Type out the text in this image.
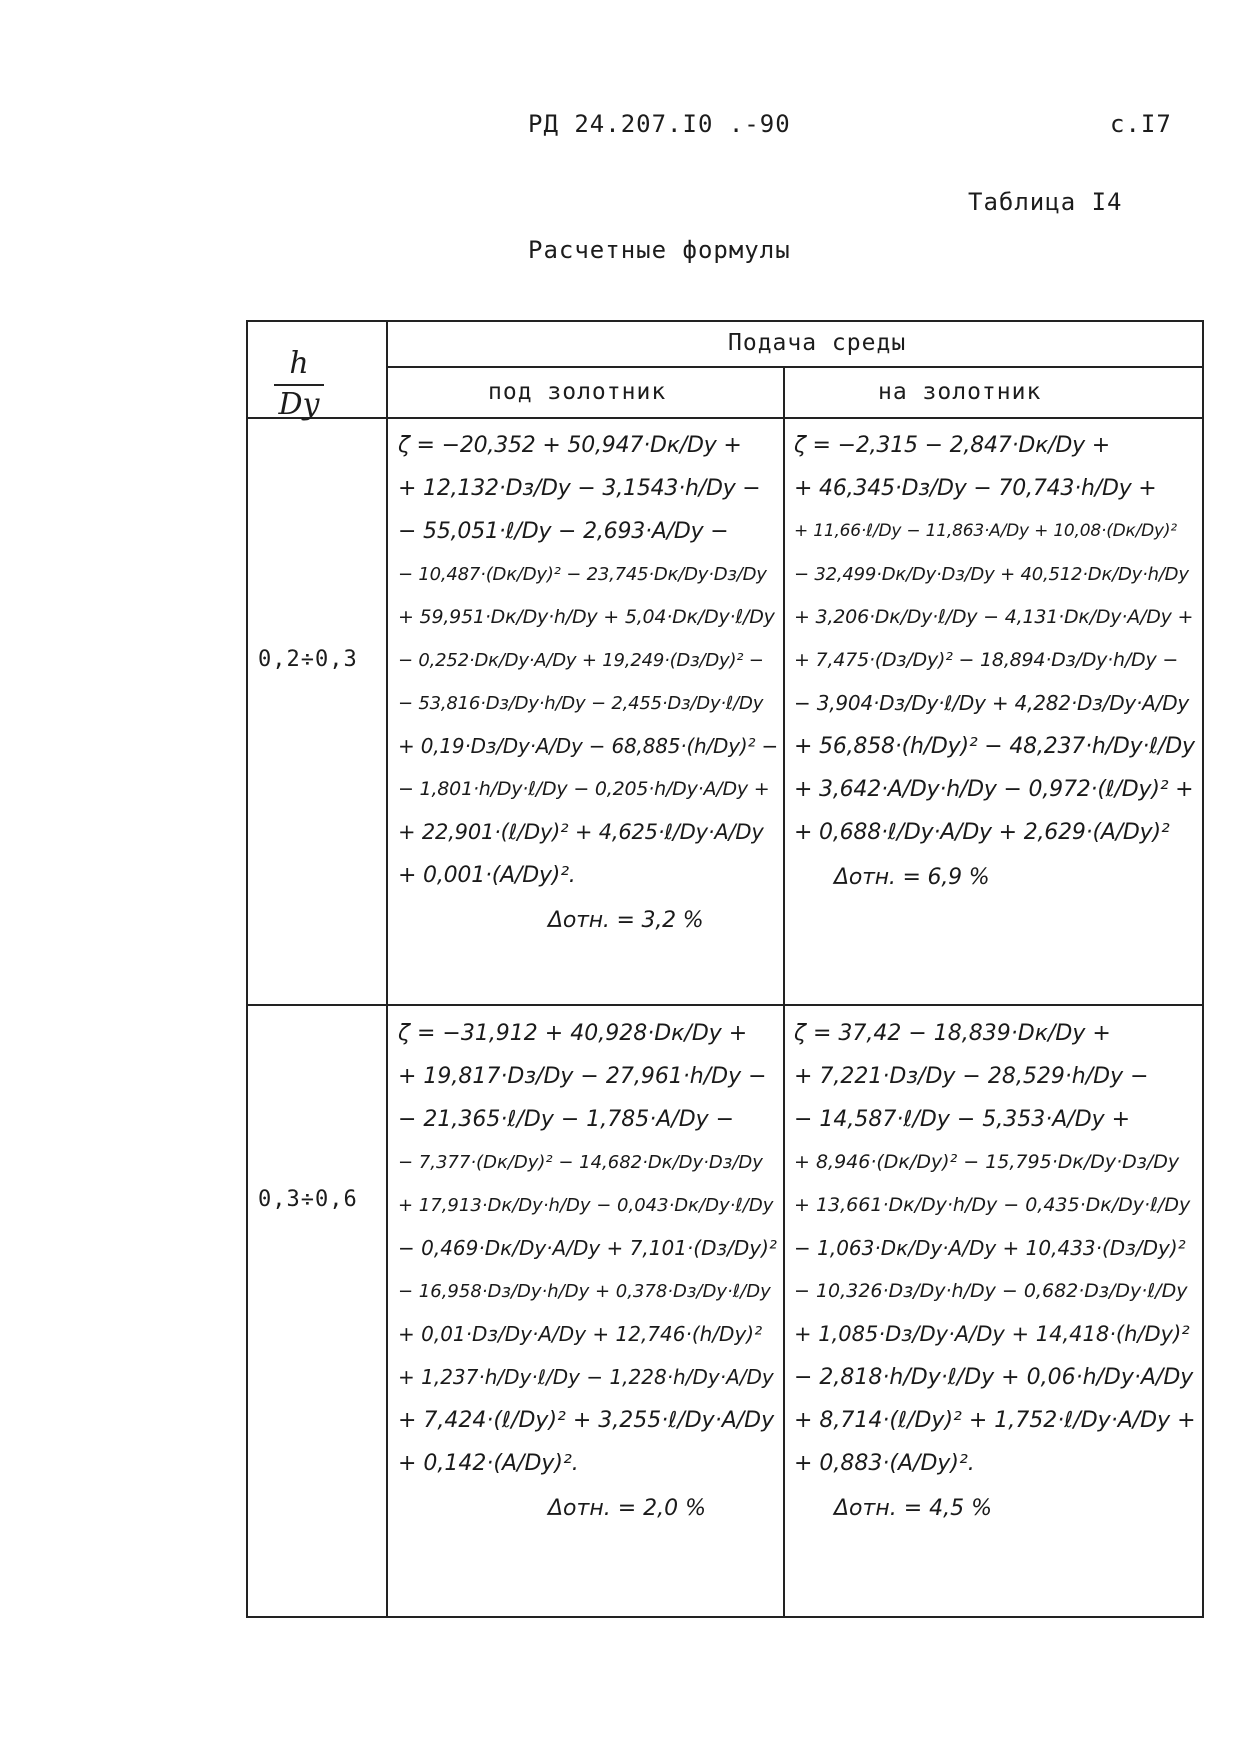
РД 24.207.I0 .-90	с.I7
Таблица I4
Расчетные формулы
h
Dy
Подача среды
под золотник	на золотник
0,2÷0,3
0,3÷0,6
ζ = −20,352 + 50,947·Dк/Dy +
+ 12,132·Dз/Dy − 3,1543·h/Dy −
− 55,051·ℓ/Dy − 2,693·A/Dy −
− 10,487·(Dк/Dy)² − 23,745·Dк/Dy·Dз/Dy
+ 59,951·Dк/Dy·h/Dy + 5,04·Dк/Dy·ℓ/Dy
− 0,252·Dк/Dy·A/Dy + 19,249·(Dз/Dy)² −
− 53,816·Dз/Dy·h/Dy − 2,455·Dз/Dy·ℓ/Dy
+ 0,19·Dз/Dy·A/Dy − 68,885·(h/Dy)² −
− 1,801·h/Dy·ℓ/Dy − 0,205·h/Dy·A/Dy +
+ 22,901·(ℓ/Dy)² + 4,625·ℓ/Dy·A/Dy
+ 0,001·(A/Dy)².
Δотн. = 3,2 %
ζ = −2,315 − 2,847·Dк/Dy +
+ 46,345·Dз/Dy − 70,743·h/Dy +
+ 11,66·ℓ/Dy − 11,863·A/Dy + 10,08·(Dк/Dy)²
− 32,499·Dк/Dy·Dз/Dy + 40,512·Dк/Dy·h/Dy
+ 3,206·Dк/Dy·ℓ/Dy − 4,131·Dк/Dy·A/Dy +
+ 7,475·(Dз/Dy)² − 18,894·Dз/Dy·h/Dy −
− 3,904·Dз/Dy·ℓ/Dy + 4,282·Dз/Dy·A/Dy
+ 56,858·(h/Dy)² − 48,237·h/Dy·ℓ/Dy
+ 3,642·A/Dy·h/Dy − 0,972·(ℓ/Dy)² +
+ 0,688·ℓ/Dy·A/Dy + 2,629·(A/Dy)²
Δотн. = 6,9 %
ζ = −31,912 + 40,928·Dк/Dy +
+ 19,817·Dз/Dy − 27,961·h/Dy −
− 21,365·ℓ/Dy − 1,785·A/Dy −
− 7,377·(Dк/Dy)² − 14,682·Dк/Dy·Dз/Dy
+ 17,913·Dк/Dy·h/Dy − 0,043·Dк/Dy·ℓ/Dy
− 0,469·Dк/Dy·A/Dy + 7,101·(Dз/Dy)²
− 16,958·Dз/Dy·h/Dy + 0,378·Dз/Dy·ℓ/Dy
+ 0,01·Dз/Dy·A/Dy + 12,746·(h/Dy)²
+ 1,237·h/Dy·ℓ/Dy − 1,228·h/Dy·A/Dy
+ 7,424·(ℓ/Dy)² + 3,255·ℓ/Dy·A/Dy
+ 0,142·(A/Dy)².
Δотн. = 2,0 %
ζ = 37,42 − 18,839·Dк/Dy +
+ 7,221·Dз/Dy − 28,529·h/Dy −
− 14,587·ℓ/Dy − 5,353·A/Dy +
+ 8,946·(Dк/Dy)² − 15,795·Dк/Dy·Dз/Dy
+ 13,661·Dк/Dy·h/Dy − 0,435·Dк/Dy·ℓ/Dy
− 1,063·Dк/Dy·A/Dy + 10,433·(Dз/Dy)²
− 10,326·Dз/Dy·h/Dy − 0,682·Dз/Dy·ℓ/Dy
+ 1,085·Dз/Dy·A/Dy + 14,418·(h/Dy)²
− 2,818·h/Dy·ℓ/Dy + 0,06·h/Dy·A/Dy
+ 8,714·(ℓ/Dy)² + 1,752·ℓ/Dy·A/Dy +
+ 0,883·(A/Dy)².
Δотн. = 4,5 %
